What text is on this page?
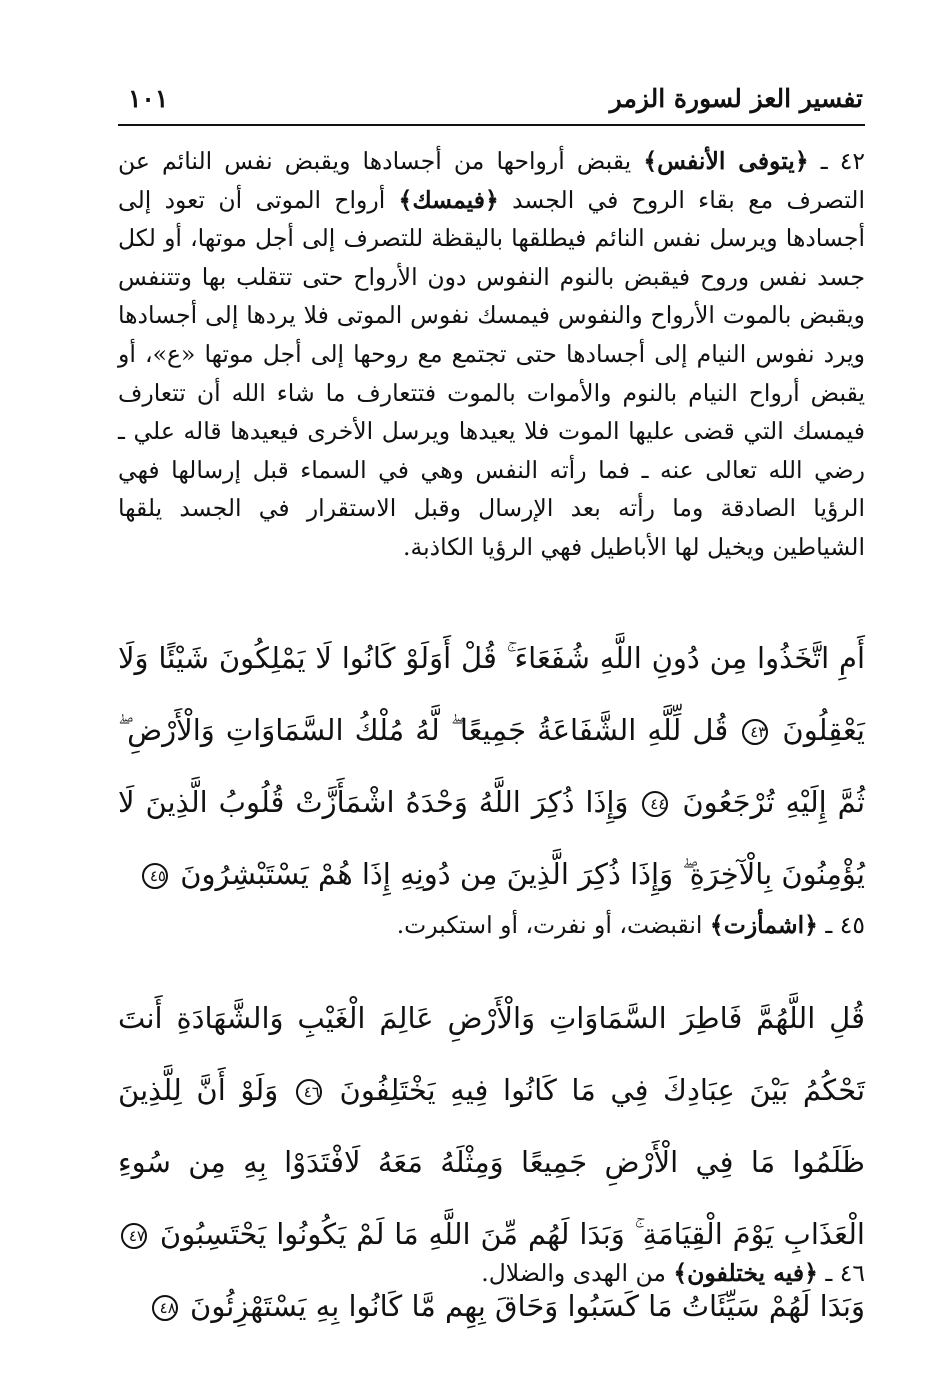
تفسير العز لسورة الزمر
١٠١
٤٢ ـ ﴿يتوفى الأنفس﴾ يقبض أرواحها من أجسادها ويقبض نفس النائم عن التصرف مع بقاء الروح في الجسد ﴿فيمسك﴾ أرواح الموتى أن تعود إلى أجسادها ويرسل نفس النائم فيطلقها باليقظة للتصرف إلى أجل موتها، أو لكل جسد نفس وروح فيقبض بالنوم النفوس دون الأرواح حتى تتقلب بها وتتنفس ويقبض بالموت الأرواح والنفوس فيمسك نفوس الموتى فلا يردها إلى أجسادها ويرد نفوس النيام إلى أجسادها حتى تجتمع مع روحها إلى أجل موتها «ع»، أو يقبض أرواح النيام بالنوم والأموات بالموت فتتعارف ما شاء الله أن تتعارف فيمسك التي قضى عليها الموت فلا يعيدها ويرسل الأخرى فيعيدها قاله علي ـ رضي الله تعالى عنه ـ فما رأته النفس وهي في السماء قبل إرسالها فهي الرؤيا الصادقة وما رأته بعد الإرسال وقبل الاستقرار في الجسد يلقها الشياطين ويخيل لها الأباطيل فهي الرؤيا الكاذبة.
أَمِ اتَّخَذُوا مِن دُونِ اللَّهِ شُفَعَاءَ ۚ قُلْ أَوَلَوْ كَانُوا لَا يَمْلِكُونَ شَيْئًا وَلَا يَعْقِلُونَ ٤٣ قُل لِّلَّهِ الشَّفَاعَةُ جَمِيعًا ۖ لَّهُ مُلْكُ السَّمَاوَاتِ وَالْأَرْضِ ۖ ثُمَّ إِلَيْهِ تُرْجَعُونَ ٤٤ وَإِذَا ذُكِرَ اللَّهُ وَحْدَهُ اشْمَأَزَّتْ قُلُوبُ الَّذِينَ لَا يُؤْمِنُونَ بِالْآخِرَةِ ۖ وَإِذَا ذُكِرَ الَّذِينَ مِن دُونِهِ إِذَا هُمْ يَسْتَبْشِرُونَ ٤٥
٤٥ ـ ﴿اشمأزت﴾ انقبضت، أو نفرت، أو استكبرت.
قُلِ اللَّهُمَّ فَاطِرَ السَّمَاوَاتِ وَالْأَرْضِ عَالِمَ الْغَيْبِ وَالشَّهَادَةِ أَنتَ تَحْكُمُ بَيْنَ عِبَادِكَ فِي مَا كَانُوا فِيهِ يَخْتَلِفُونَ ٤٦ وَلَوْ أَنَّ لِلَّذِينَ ظَلَمُوا مَا فِي الْأَرْضِ جَمِيعًا وَمِثْلَهُ مَعَهُ لَافْتَدَوْا بِهِ مِن سُوءِ الْعَذَابِ يَوْمَ الْقِيَامَةِ ۚ وَبَدَا لَهُم مِّنَ اللَّهِ مَا لَمْ يَكُونُوا يَحْتَسِبُونَ ٤٧ وَبَدَا لَهُمْ سَيِّئَاتُ مَا كَسَبُوا وَحَاقَ بِهِم مَّا كَانُوا بِهِ يَسْتَهْزِئُونَ ٤٨
٤٦ ـ ﴿فيه يختلفون﴾ من الهدى والضلال.
